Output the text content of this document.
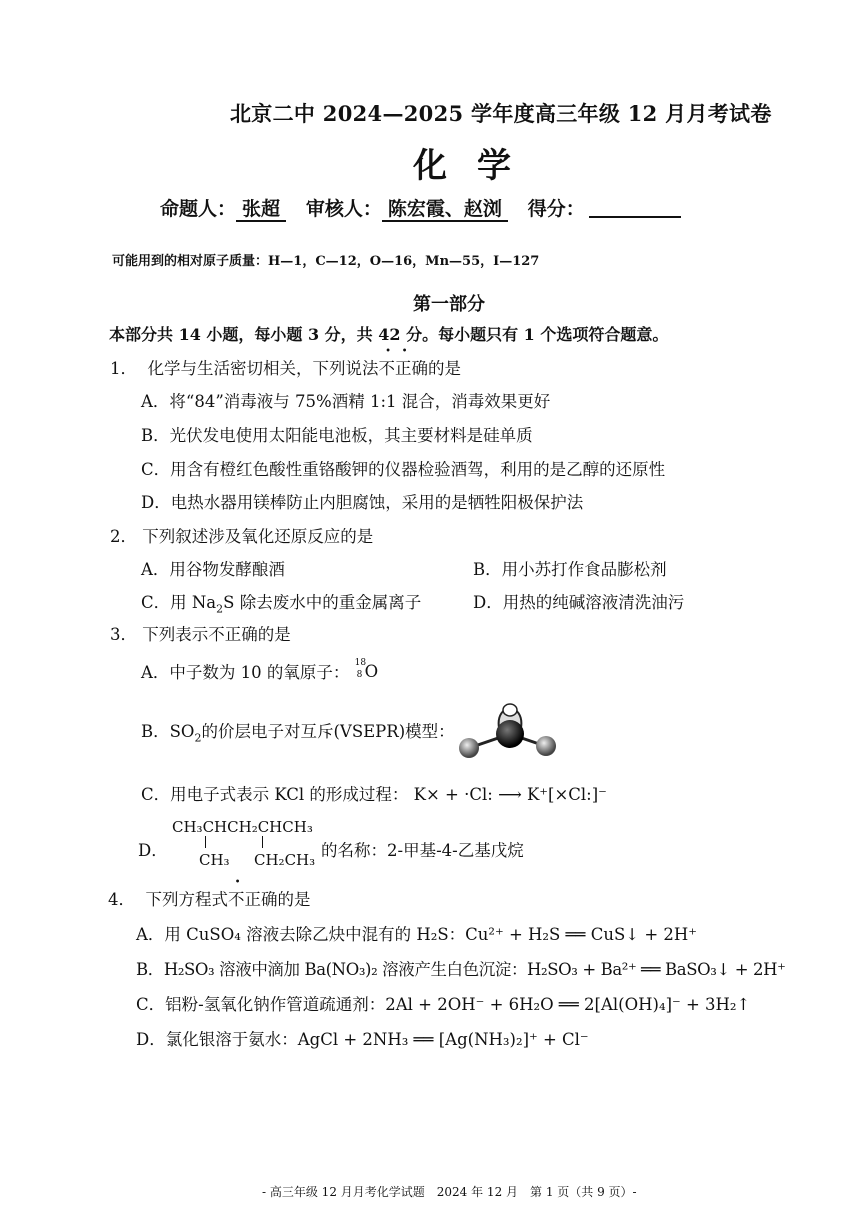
北京二中 2024—2025 学年度高三年级 12 月月考试卷
化学
命题人： 张超 审核人： 陈宏霞、赵浏 得分：
可能用到的相对原子质量：H—1，C—12，O—16，Mn—55，I—127
第一部分
本部分共 14 小题，每小题 3 分，共 42 分。每小题只有 1 个选项符合题意。
1． 化学与生活密切相关，下列说法不正确的是
A．将“84”消毒液与 75%酒精 1:1 混合，消毒效果更好
B．光伏发电使用太阳能电池板，其主要材料是硅单质
C．用含有橙红色酸性重铬酸钾的仪器检验酒驾，利用的是乙醇的还原性
D．电热水器用镁棒防止内胆腐蚀，采用的是牺牲阳极保护法
2． 下列叙述涉及氧化还原反应的是
A．用谷物发酵酿酒	B．用小苏打作食品膨松剂
C．用 $Na_2S$ 除去废水中的重金属离子	D．用热的纯碱溶液清洗油污
3． 下列表示不正确的是
A．中子数为 10 的氧原子： 18
8 O
B．$SO_2$的价层电子对互斥(VSEPR)模型：
C．用电子式表示 KCl 的形成过程： K× + ·Cl: ⟶ K⁺[×Cl:]⁻
D．
CH₃CHCH₂CHCH₃
CH₃ CH₂CH₃ 的名称：2-甲基-4-乙基戊烷
4． 下列方程式不正确的是
A．用 CuSO₄ 溶液去除乙炔中混有的 H₂S：Cu²⁺ + H₂S ══ CuS↓ + 2H⁺
B．H₂SO₃ 溶液中滴加 Ba(NO₃)₂ 溶液产生白色沉淀：H₂SO₃ + Ba²⁺ ══ BaSO₃↓ + 2H⁺
C．铝粉-氢氧化钠作管道疏通剂：2Al + 2OH⁻ + 6H₂O ══ 2[Al(OH)₄]⁻ + 3H₂↑
D．氯化银溶于氨水：AgCl + 2NH₃ ══ [Ag(NH₃)₂]⁺ + Cl⁻
- 高三年级 12 月月考化学试题　2024 年 12 月　第 1 页（共 9 页）-
